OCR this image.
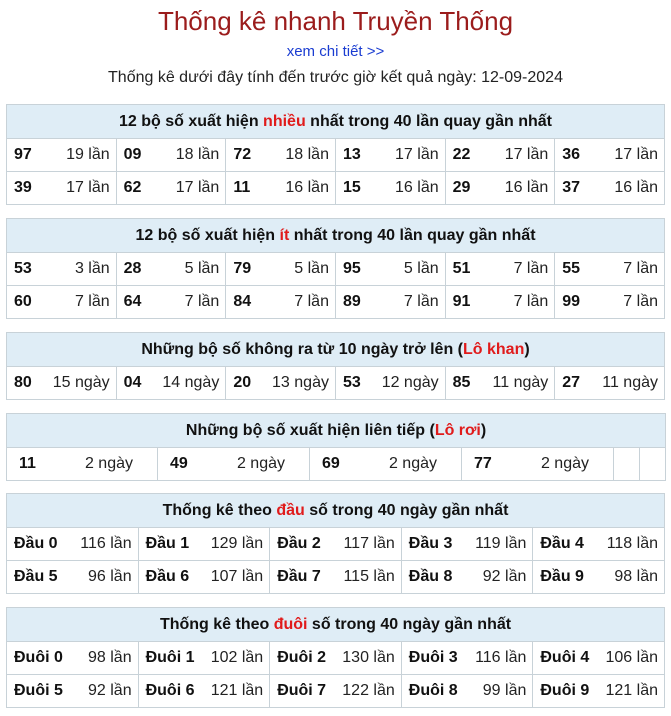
Thống kê nhanh Truyền Thống
xem chi tiết >>
Thống kê dưới đây tính đến trước giờ kết quả ngày: 12-09-2024
12 bộ số xuất hiện nhiều nhất trong 40 lần quay gần nhất					

97 19 lần	09 18 lần	72 18 lần	13 17 lần	22 17 lần	36 17 lần

39 17 lần	62 17 lần	11 16 lần	15 16 lần	29 16 lần	37 16 lần
12 bộ số xuất hiện ít nhất trong 40 lần quay gần nhất					

53 3 lần	28 5 lần	79 5 lần	95 5 lần	51 7 lần	55 7 lần

60 7 lần	64 7 lần	84 7 lần	89 7 lần	91 7 lần	99 7 lần
Những bộ số không ra từ 10 ngày trở lên (Lô khan)

80 15 ngày	04 14 ngày	20 13 ngày	53 12 ngày	85 11 ngày	27 11 ngày
Những bộ số xuất hiện liên tiếp (Lô rơi)

11	2 ngày	49	2 ngày	69	2 ngày	77	2 ngày

Thống kê theo đầu số trong 40 ngày gần nhất				

Đầu 0 116 lần	Đầu 1 129 lần	Đầu 2 117 lần	Đầu 3 119 lần	Đầu 4 118 lần

Đầu 5 96 lần	Đầu 6 107 lần	Đầu 7 115 lần	Đầu 8 92 lần	Đầu 9 98 lần
Thống kê theo đuôi số trong 40 ngày gần nhất				

Đuôi 0 98 lần	Đuôi 1 102 lần	Đuôi 2 130 lần	Đuôi 3 116 lần	Đuôi 4 106 lần

Đuôi 5 92 lần	Đuôi 6 121 lần	Đuôi 7 122 lần	Đuôi 8 99 lần	Đuôi 9 121 lần
